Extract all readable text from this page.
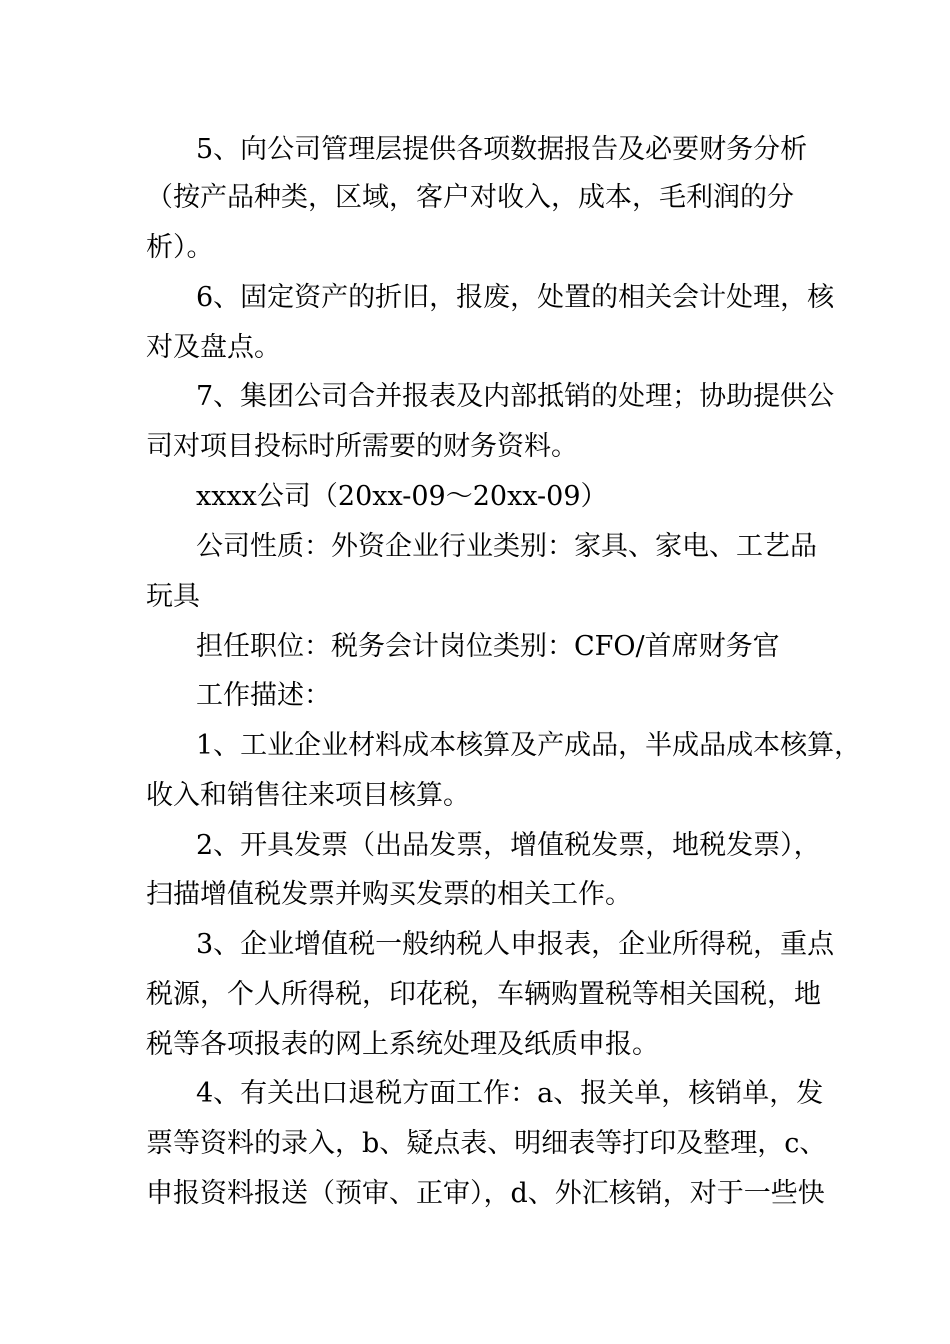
5、向公司管理层提供各项数据报告及必要财务分析
（按产品种类，区域，客户对收入，成本，毛利润的分
析）。
6、固定资产的折旧，报废，处置的相关会计处理，核
对及盘点。
7、集团公司合并报表及内部抵销的处理；协助提供公
司对项目投标时所需要的财务资料。
xxxx公司（20xx-09～20xx-09）
公司性质：外资企业行业类别：家具、家电、工艺品
玩具
担任职位：税务会计岗位类别：CFO/首席财务官
工作描述：
1、工业企业材料成本核算及产成品，半成品成本核算，
收入和销售往来项目核算。
2、开具发票（出品发票，增值税发票，地税发票），
扫描增值税发票并购买发票的相关工作。
3、企业增值税一般纳税人申报表，企业所得税，重点
税源，个人所得税，印花税，车辆购置税等相关国税，地
税等各项报表的网上系统处理及纸质申报。
4、有关出口退税方面工作：a、报关单，核销单，发
票等资料的录入，b、疑点表、明细表等打印及整理，c、
申报资料报送（预审、正审），d、外汇核销，对于一些快
